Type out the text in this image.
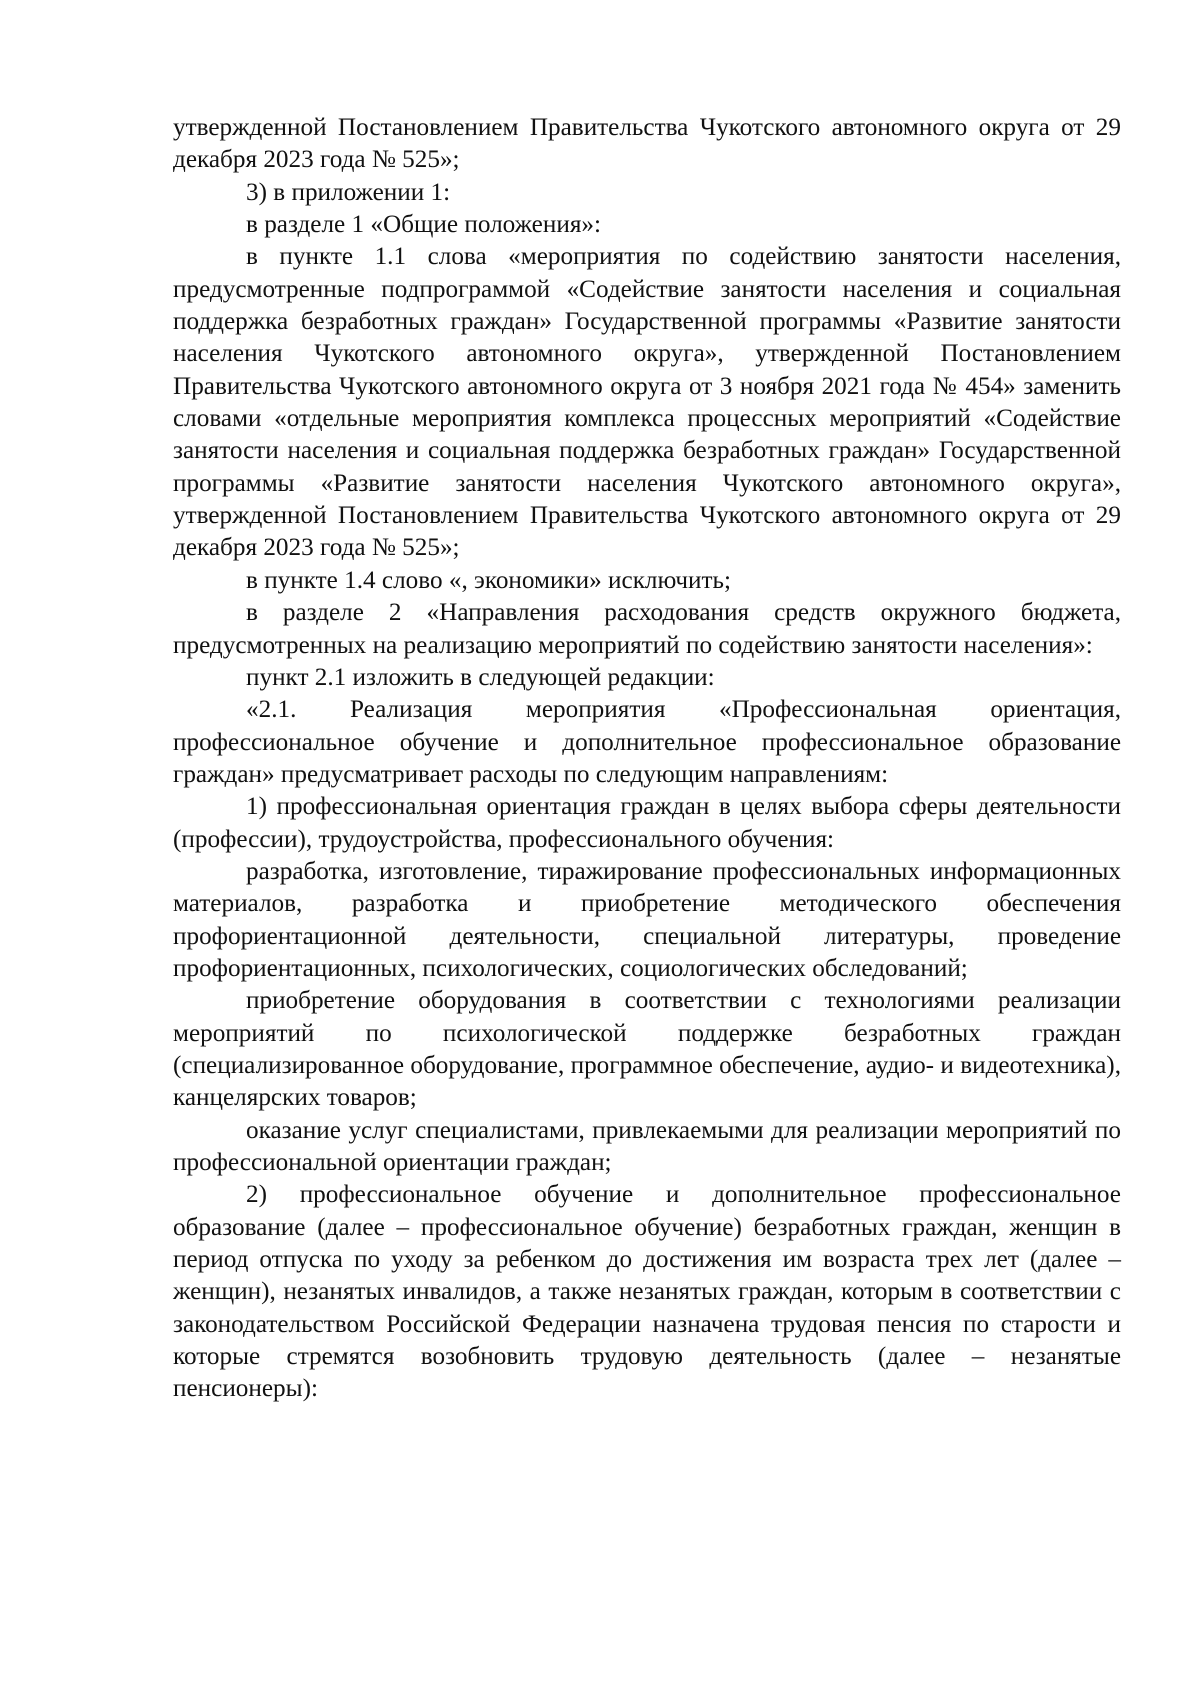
утвержденной Постановлением Правительства Чукотского автономного округа от 29 декабря 2023 года № 525»;

3) в приложении 1:

в разделе 1 «Общие положения»:

в пункте 1.1 слова «мероприятия по содействию занятости населения, предусмотренные подпрограммой «Содействие занятости населения и социальная поддержка безработных граждан» Государственной программы «Развитие занятости населения Чукотского автономного округа», утвержденной Постановлением Правительства Чукотского автономного округа от 3 ноября 2021 года № 454» заменить словами «отдельные мероприятия комплекса процессных мероприятий «Содействие занятости населения и социальная поддержка безработных граждан» Государственной программы «Развитие занятости населения Чукотского автономного округа», утвержденной Постановлением Правительства Чукотского автономного округа от 29 декабря 2023 года № 525»;

в пункте 1.4 слово «, экономики» исключить;

в разделе 2 «Направления расходования средств окружного бюджета, предусмотренных на реализацию мероприятий по содействию занятости населения»:

пункт 2.1 изложить в следующей редакции:

«2.1. Реализация мероприятия «Профессиональная ориентация, профессиональное обучение и дополнительное профессиональное образование граждан» предусматривает расходы по следующим направлениям:

1) профессиональная ориентация граждан в целях выбора сферы деятельности (профессии), трудоустройства, профессионального обучения:

разработка, изготовление, тиражирование профессиональных информационных материалов, разработка и приобретение методического обеспечения профориентационной деятельности, специальной литературы, проведение профориентационных, психологических, социологических обследований;

приобретение оборудования в соответствии с технологиями реализации мероприятий по психологической поддержке безработных граждан (специализированное оборудование, программное обеспечение, аудио- и видеотехника), канцелярских товаров;

оказание услуг специалистами, привлекаемыми для реализации мероприятий по профессиональной ориентации граждан;

2) профессиональное обучение и дополнительное профессиональное образование (далее – профессиональное обучение) безработных граждан, женщин в период отпуска по уходу за ребенком до достижения им возраста трех лет (далее – женщин), незанятых инвалидов, а также незанятых граждан, которым в соответствии с законодательством Российской Федерации назначена трудовая пенсия по старости и которые стремятся возобновить трудовую деятельность (далее – незанятые пенсионеры):
